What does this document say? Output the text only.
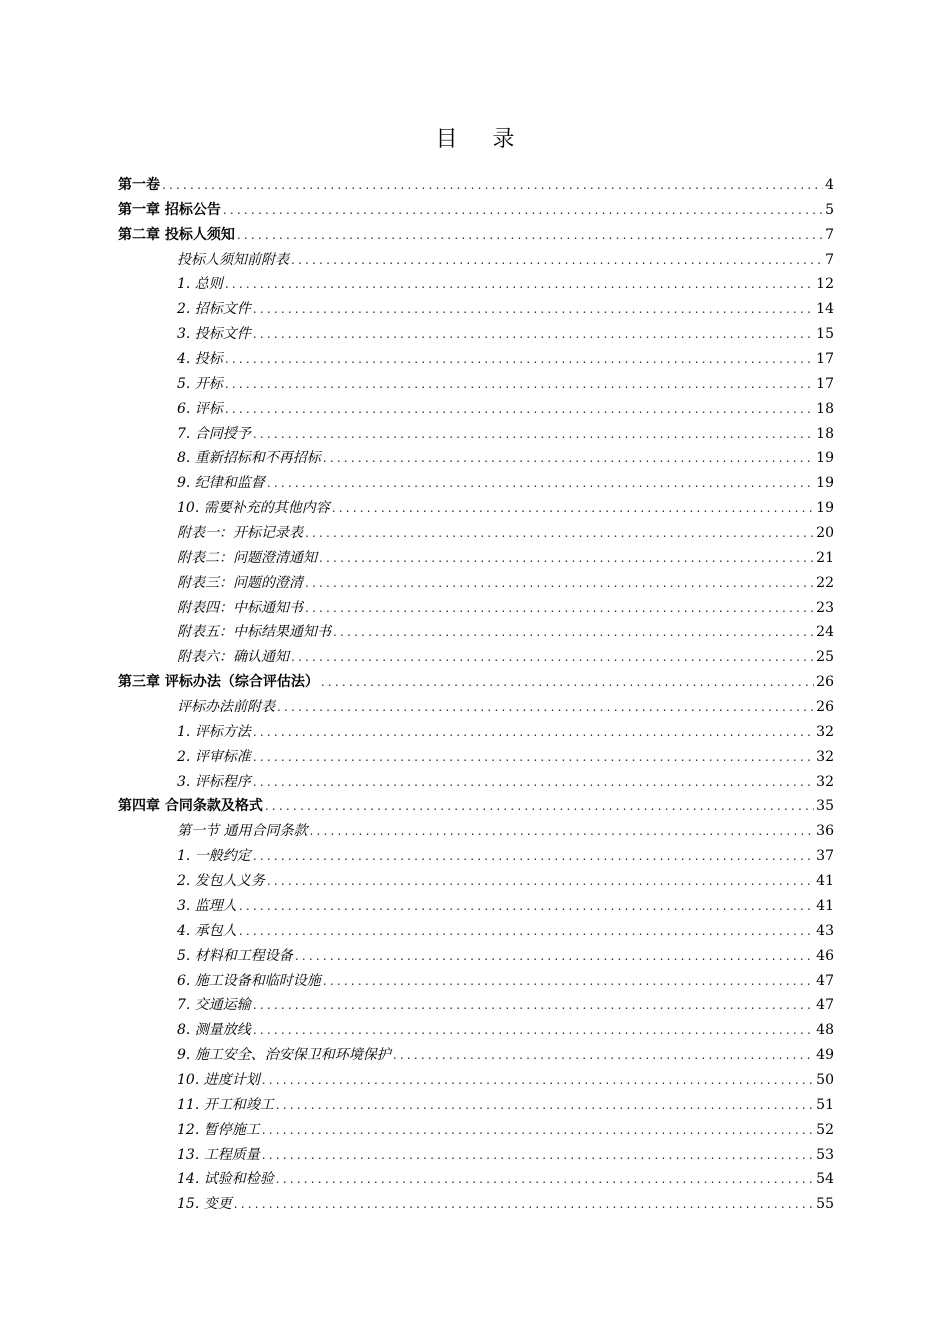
目 录
第一卷 .....	4
第一章 招标公告 .....	5
第二章 投标人须知 .....	7
投标人须知前附表 .....	7
1. 总则 .....	12
2. 招标文件 .....	14
3. 投标文件 .....	15
4. 投标 .....	17
5. 开标 .....	17
6. 评标 .....	18
7. 合同授予 .....	18
8. 重新招标和不再招标 .....	19
9. 纪律和监督 .....	19
10. 需要补充的其他内容 .....	19
附表一：开标记录表 .....	20
附表二：问题澄清通知 .....	21
附表三：问题的澄清 .....	22
附表四：中标通知书 .....	23
附表五：中标结果通知书 .....	24
附表六：确认通知 .....	25
第三章 评标办法（综合评估法） .....	26
评标办法前附表 .....	26
1. 评标方法 .....	32
2. 评审标准 .....	32
3. 评标程序 .....	32
第四章 合同条款及格式 .....	35
第一节 通用合同条款 .....	36
1. 一般约定 .....	37
2. 发包人义务 .....	41
3. 监理人 .....	41
4. 承包人 .....	43
5. 材料和工程设备 .....	46
6. 施工设备和临时设施 .....	47
7. 交通运输 .....	47
8. 测量放线 .....	48
9. 施工安全、治安保卫和环境保护 .....	49
10. 进度计划 .....	50
11. 开工和竣工 .....	51
12. 暂停施工 .....	52
13. 工程质量 .....	53
14. 试验和检验 .....	54
15. 变更 .....	55
